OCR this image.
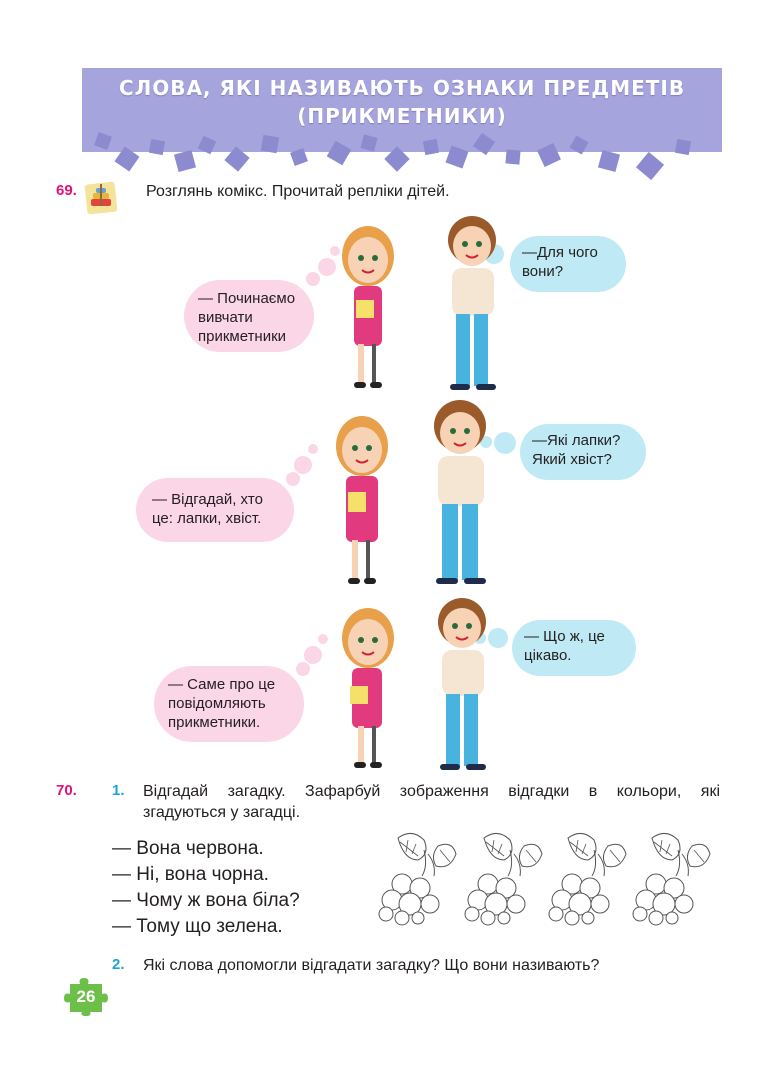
СЛОВА, ЯКІ НАЗИВАЮТЬ ОЗНАКИ ПРЕДМЕТІВ
(ПРИКМЕТНИКИ)
69.	Розглянь комікс. Прочитай репліки дітей.
— Починаємо
вивчати
прикметники
—Для чого
вони?
— Відгадай, хто
це: лапки, хвіст.
—Які лапки?
Який хвіст?
— Саме про це
повідомляють
прикметники.
— Що ж, це
цікаво.
70. 1. Відгадай загадку. Зафарбуй зображення відгадки в кольори, які
згадуються у загадці.
— Вона червона.
— Ні, вона чорна.
— Чому ж вона біла?
— Тому що зелена.
2. Які слова допомогли відгадати загадку? Що вони називають?
26
